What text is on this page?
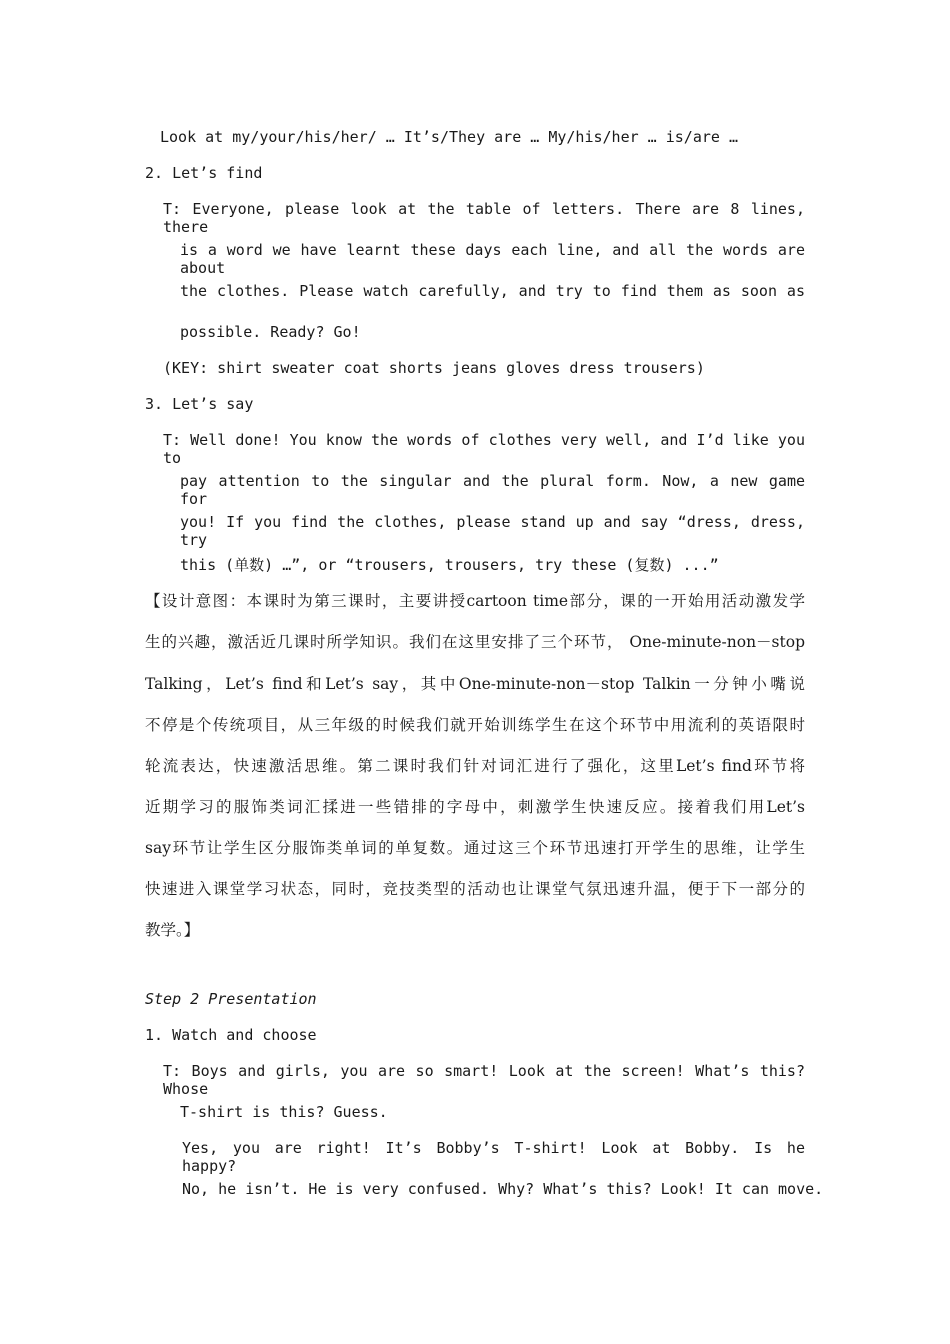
Look at my/your/his/her/ … It’s/They are … My/his/her … is/are …
2. Let’s find
T: Everyone, please look at the table of letters. There are 8 lines, there
is a word we have learnt these days each line, and all the words are about
the clothes. Please watch carefully, and try to find them as soon as
possible. Ready? Go!
(KEY: shirt sweater coat shorts jeans gloves dress trousers)
3. Let’s say
T: Well done! You know the words of clothes very well, and I’d like you to
pay attention to the singular and the plural form. Now, a new game for
you! If you find the clothes, please stand up and say “dress, dress, try
this (单数) …”, or “trousers, trousers, try these (复数) ...”
【设计意图：本课时为第三课时，主要讲授cartoon time部分，课的一开始用活动激发学
生的兴趣，激活近几课时所学知识。我们在这里安排了三个环节， One-minute-non－stop
Talking，Let’s find和Let’s say，其中One-minute-non－stop Talkin一分钟小嘴说
不停是个传统项目，从三年级的时候我们就开始训练学生在这个环节中用流利的英语限时
轮流表达，快速激活思维。第二课时我们针对词汇进行了强化，这里Let’s find环节将
近期学习的服饰类词汇揉进一些错排的字母中，刺激学生快速反应。接着我们用Let’s
say环节让学生区分服饰类单词的单复数。通过这三个环节迅速打开学生的思维，让学生
快速进入课堂学习状态，同时，竞技类型的活动也让课堂气氛迅速升温，便于下一部分的
教学。】
Step 2 Presentation
1. Watch and choose
T: Boys and girls, you are so smart! Look at the screen! What’s this? Whose
T-shirt is this? Guess.
Yes, you are right! It’s Bobby’s T-shirt! Look at Bobby. Is he happy?
No, he isn’t. He is very confused. Why? What’s this? Look! It can move.
